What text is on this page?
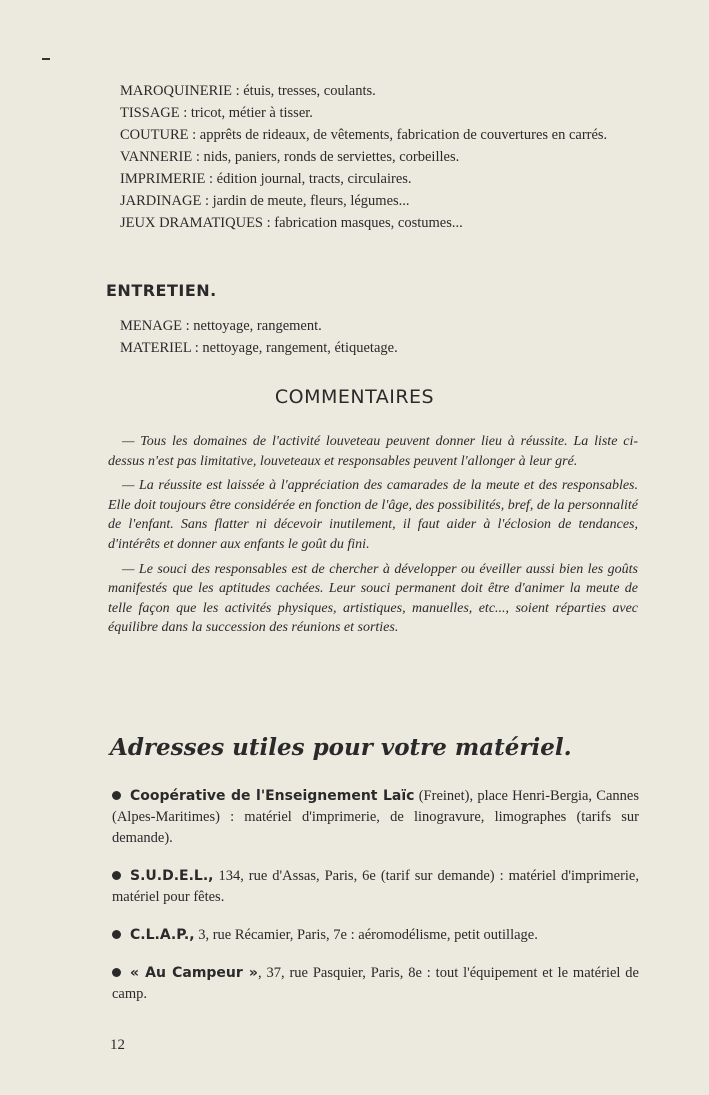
MAROQUINERIE : étuis, tresses, coulants.

TISSAGE : tricot, métier à tisser.

COUTURE : apprêts de rideaux, de vêtements, fabrication de couvertures en carrés.

VANNERIE : nids, paniers, ronds de serviettes, corbeilles.

IMPRIMERIE : édition journal, tracts, circulaires.

JARDINAGE : jardin de meute, fleurs, légumes...

JEUX DRAMATIQUES : fabrication masques, costumes...

ENTRETIEN.

MENAGE : nettoyage, rangement.

MATERIEL : nettoyage, rangement, étiquetage.

COMMENTAIRES

— Tous les domaines de l'activité louveteau peuvent donner lieu à réussite. La liste ci-dessus n'est pas limitative, louveteaux et responsables peuvent l'allonger à leur gré.

— La réussite est laissée à l'appréciation des camarades de la meute et des responsables. Elle doit toujours être considérée en fonction de l'âge, des possibilités, bref, de la personnalité de l'enfant. Sans flatter ni décevoir inutilement, il faut aider à l'éclosion de tendances, d'intérêts et donner aux enfants le goût du fini.

— Le souci des responsables est de chercher à développer ou éveiller aussi bien les goûts manifestés que les aptitudes cachées. Leur souci permanent doit être d'animer la meute de telle façon que les activités physiques, artistiques, manuelles, etc..., soient réparties avec équilibre dans la succession des réunions et sorties.

Adresses utiles pour votre matériel.

Coopérative de l'Enseignement Laïc (Freinet), place Henri-Bergia, Cannes (Alpes-Maritimes) : matériel d'imprimerie, de linogravure, limographes (tarifs sur demande).

S.U.D.E.L., 134, rue d'Assas, Paris, 6e (tarif sur demande) : matériel d'imprimerie, matériel pour fêtes.

C.L.A.P., 3, rue Récamier, Paris, 7e : aéromodélisme, petit outillage.

« Au Campeur », 37, rue Pasquier, Paris, 8e : tout l'équipement et le matériel de camp.

12
